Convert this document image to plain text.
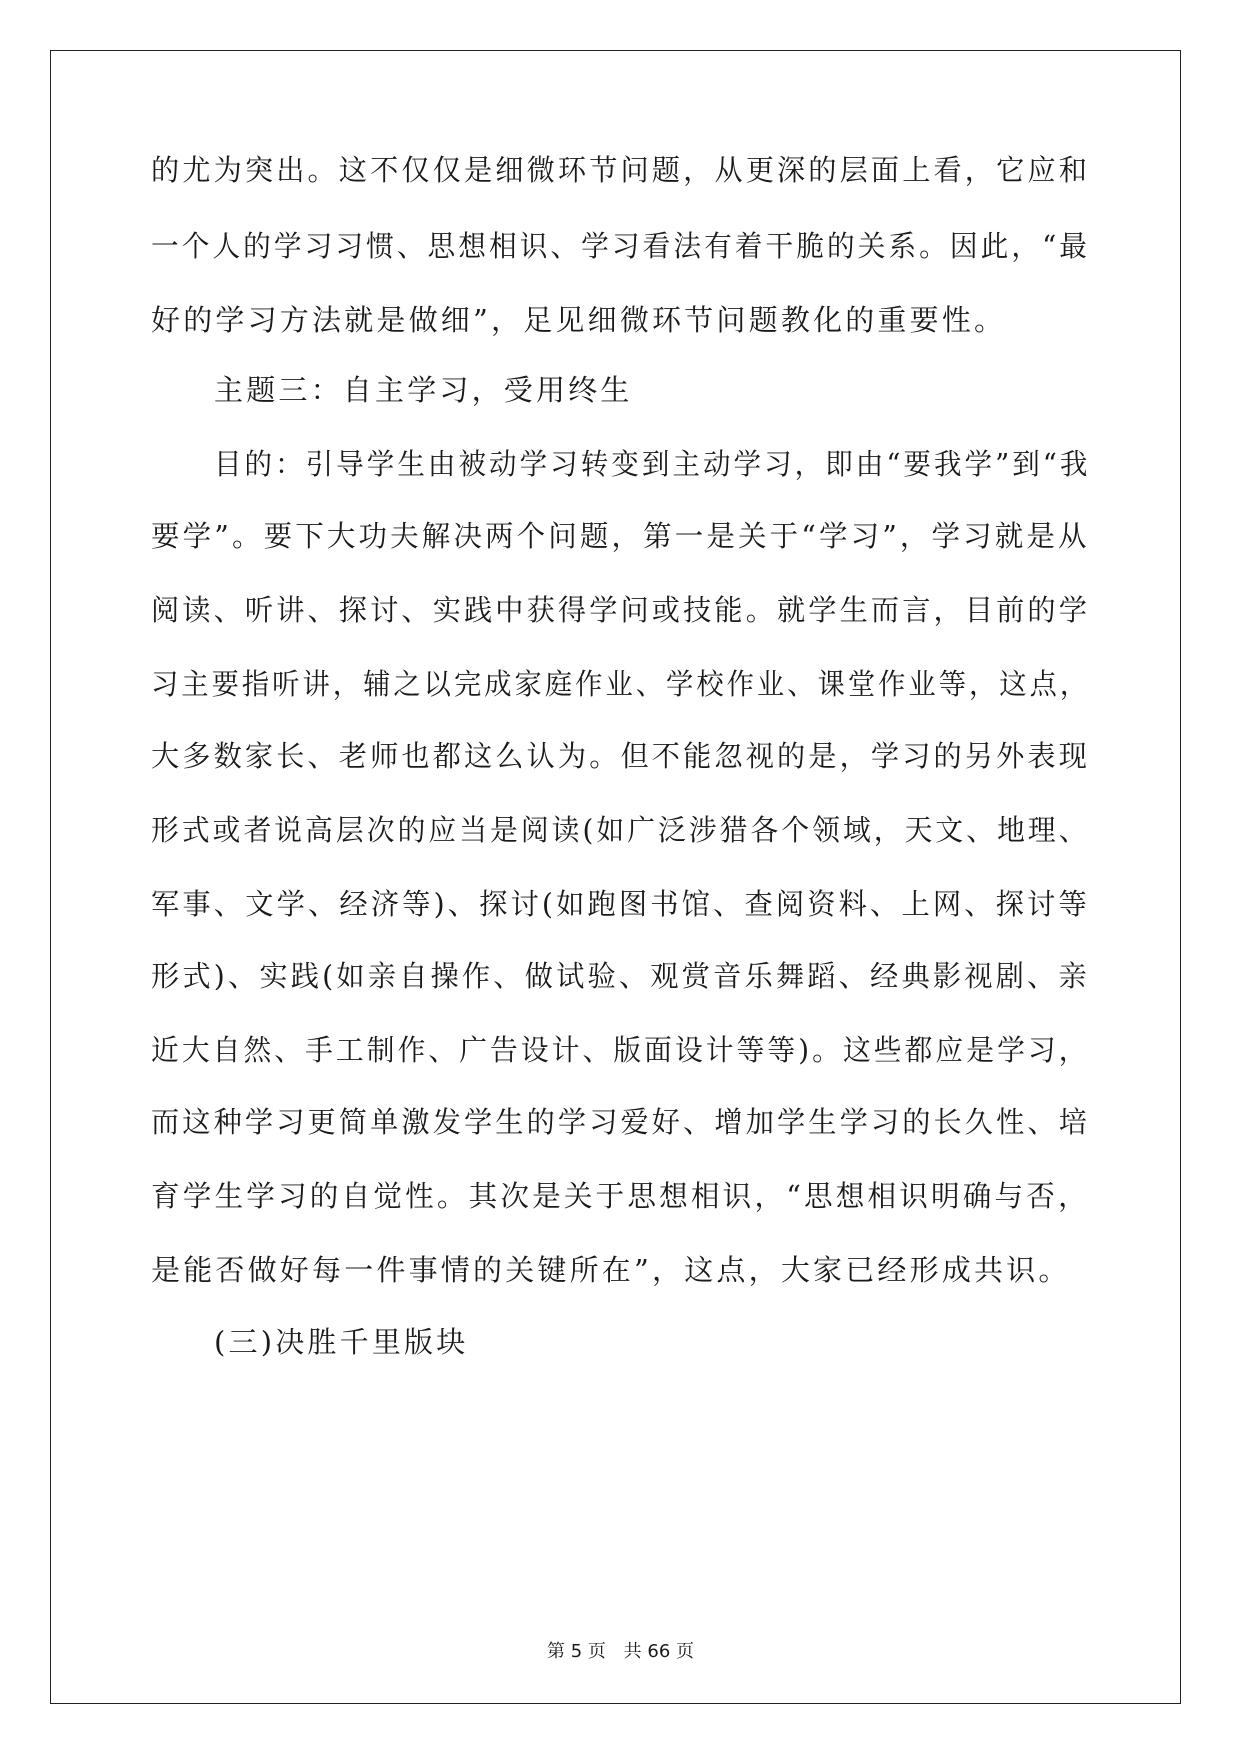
的尤为突出。这不仅仅是细微环节问题，从更深的层面上看，它应和
一个人的学习习惯、思想相识、学习看法有着干脆的关系。因此，“最
好的学习方法就是做细”，足见细微环节问题教化的重要性。
主题三：自主学习，受用终生
目的：引导学生由被动学习转变到主动学习，即由“要我学”到“我
要学”。要下大功夫解决两个问题，第一是关于“学习”，学习就是从
阅读、听讲、探讨、实践中获得学问或技能。就学生而言，目前的学
习主要指听讲，辅之以完成家庭作业、学校作业、课堂作业等，这点，
大多数家长、老师也都这么认为。但不能忽视的是，学习的另外表现
形式或者说高层次的应当是阅读(如广泛涉猎各个领域，天文、地理、
军事、文学、经济等)、探讨(如跑图书馆、查阅资料、上网、探讨等
形式)、实践(如亲自操作、做试验、观赏音乐舞蹈、经典影视剧、亲
近大自然、手工制作、广告设计、版面设计等等)。这些都应是学习，
而这种学习更简单激发学生的学习爱好、增加学生学习的长久性、培
育学生学习的自觉性。其次是关于思想相识，“思想相识明确与否，
是能否做好每一件事情的关键所在”，这点，大家已经形成共识。
(三)决胜千里版块
第 5 页 共 66 页
